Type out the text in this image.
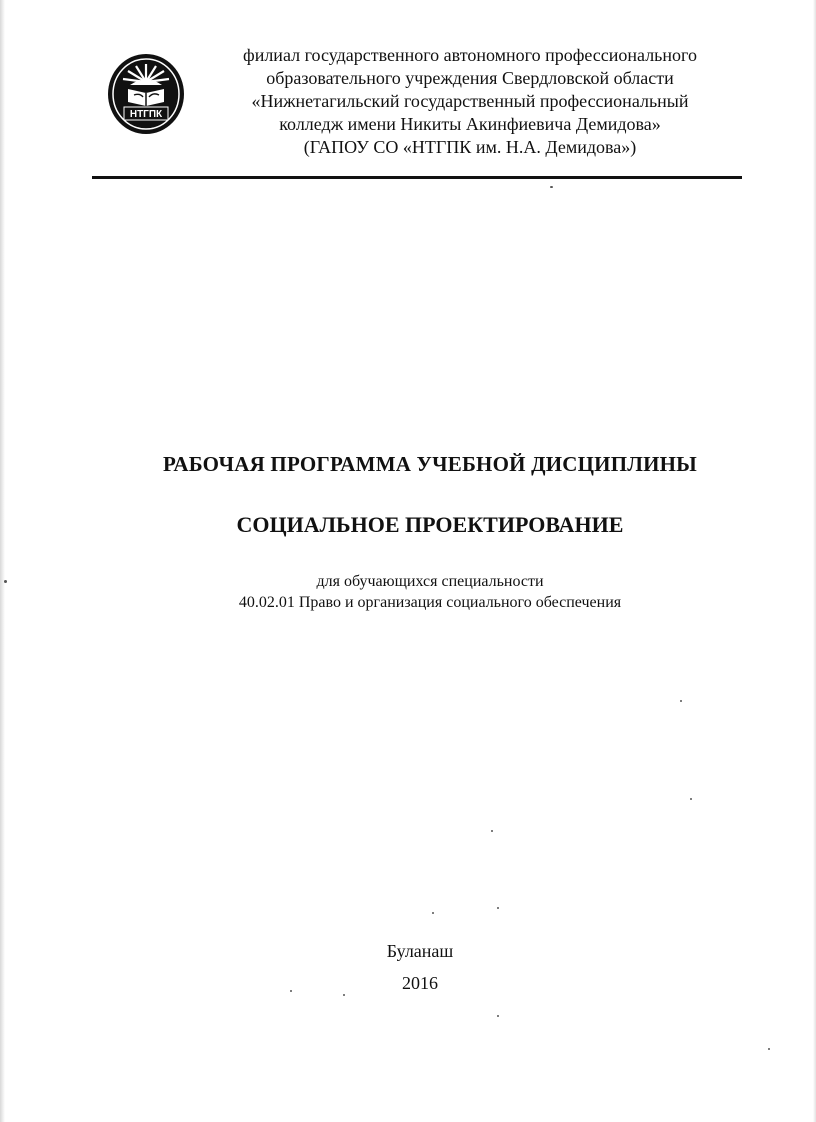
НТГПК
филиал государственного автономного профессионального
образовательного учреждения Свердловской области
«Нижнетагильский государственный профессиональный
колледж имени Никиты Акинфиевича Демидова»
(ГАПОУ СО «НТГПК им. Н.А. Демидова»)
РАБОЧАЯ ПРОГРАММА УЧЕБНОЙ ДИСЦИПЛИНЫ
СОЦИАЛЬНОЕ ПРОЕКТИРОВАНИЕ
для обучающихся специальности
40.02.01 Право и организация социального обеспечения
Буланаш
2016
